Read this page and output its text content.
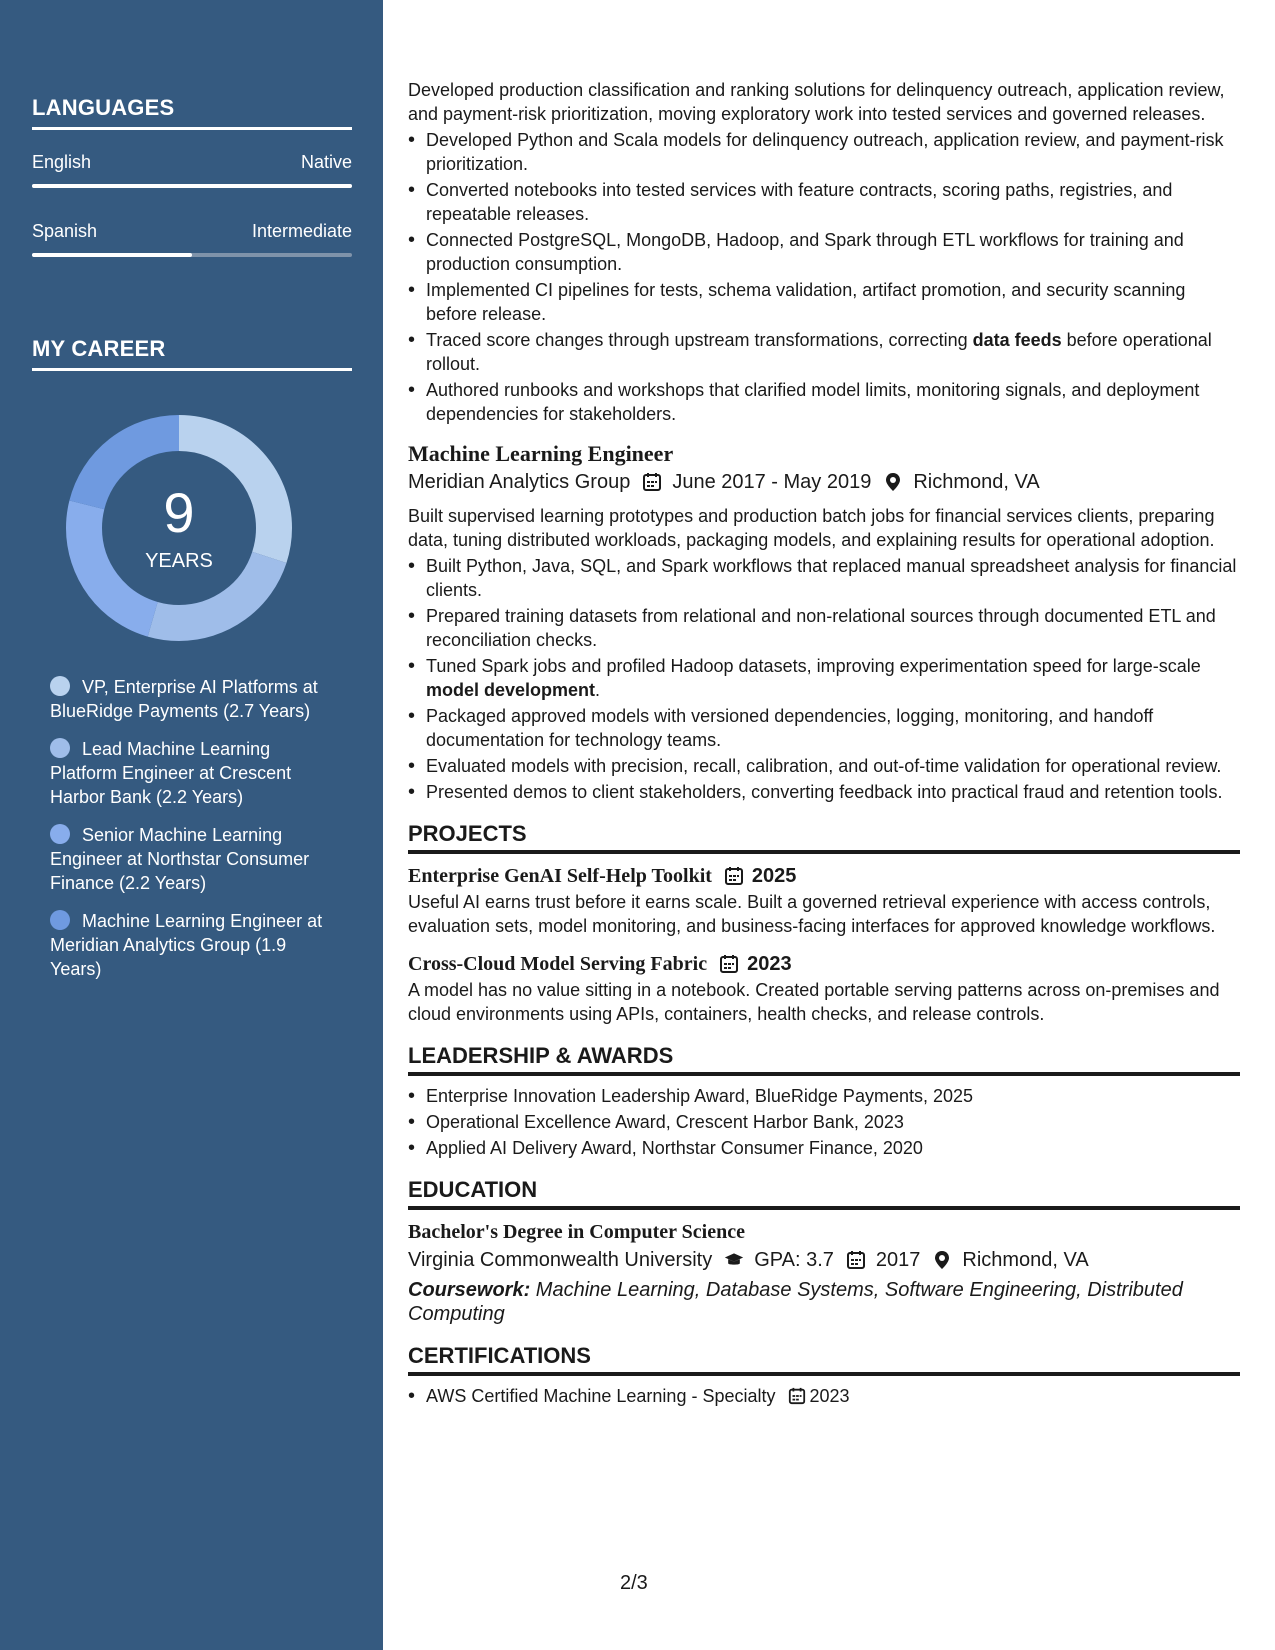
LANGUAGES
English	Native
Spanish	Intermediate
MY CAREER
9
YEARS
VP, Enterprise AI Platforms at BlueRidge Payments (2.7 Years)
Lead Machine Learning Platform Engineer at Crescent Harbor Bank (2.2 Years)
Senior Machine Learning Engineer at Northstar Consumer Finance (2.2 Years)
Machine Learning Engineer at Meridian Analytics Group (1.9 Years)

Developed production classification and ranking solutions for delinquency outreach, application review, and payment-risk prioritization, moving exploratory work into tested services and governed releases.

• Developed Python and Scala models for delinquency outreach, application review, and payment-risk prioritization.
• Converted notebooks into tested services with feature contracts, scoring paths, registries, and repeatable releases.
• Connected PostgreSQL, MongoDB, Hadoop, and Spark through ETL workflows for training and production consumption.
• Implemented CI pipelines for tests, schema validation, artifact promotion, and security scanning before release.
• Traced score changes through upstream transformations, correcting data feeds before operational rollout.
• Authored runbooks and workshops that clarified model limits, monitoring signals, and deployment dependencies for stakeholders.
Machine Learning Engineer
Meridian Analytics Group June 2017 - May 2019 Richmond, VA

Built supervised learning prototypes and production batch jobs for financial services clients, preparing data, tuning distributed workloads, packaging models, and explaining results for operational adoption.

• Built Python, Java, SQL, and Spark workflows that replaced manual spreadsheet analysis for financial clients.
• Prepared training datasets from relational and non-relational sources through documented ETL and reconciliation checks.
• Tuned Spark jobs and profiled Hadoop datasets, improving experimentation speed for large-scale model development.
• Packaged approved models with versioned dependencies, logging, monitoring, and handoff documentation for technology teams.
• Evaluated models with precision, recall, calibration, and out-of-time validation for operational review.
• Presented demos to client stakeholders, converting feedback into practical fraud and retention tools.
PROJECTS
Enterprise GenAI Self-Help Toolkit 2025

Useful AI earns trust before it earns scale. Built a governed retrieval experience with access controls, evaluation sets, model monitoring, and business-facing interfaces for approved knowledge workflows.

Cross-Cloud Model Serving Fabric 2023

A model has no value sitting in a notebook. Created portable serving patterns across on-premises and cloud environments using APIs, containers, health checks, and release controls.

LEADERSHIP & AWARDS
• Enterprise Innovation Leadership Award, BlueRidge Payments, 2025
• Operational Excellence Award, Crescent Harbor Bank, 2023
• Applied AI Delivery Award, Northstar Consumer Finance, 2020
EDUCATION
Bachelor's Degree in Computer Science
Virginia Commonwealth University GPA: 3.7 2017 Richmond, VA

Coursework: Machine Learning, Database Systems, Software Engineering, Distributed Computing

CERTIFICATIONS
• AWS Certified Machine Learning - Specialty 2023
2/3
